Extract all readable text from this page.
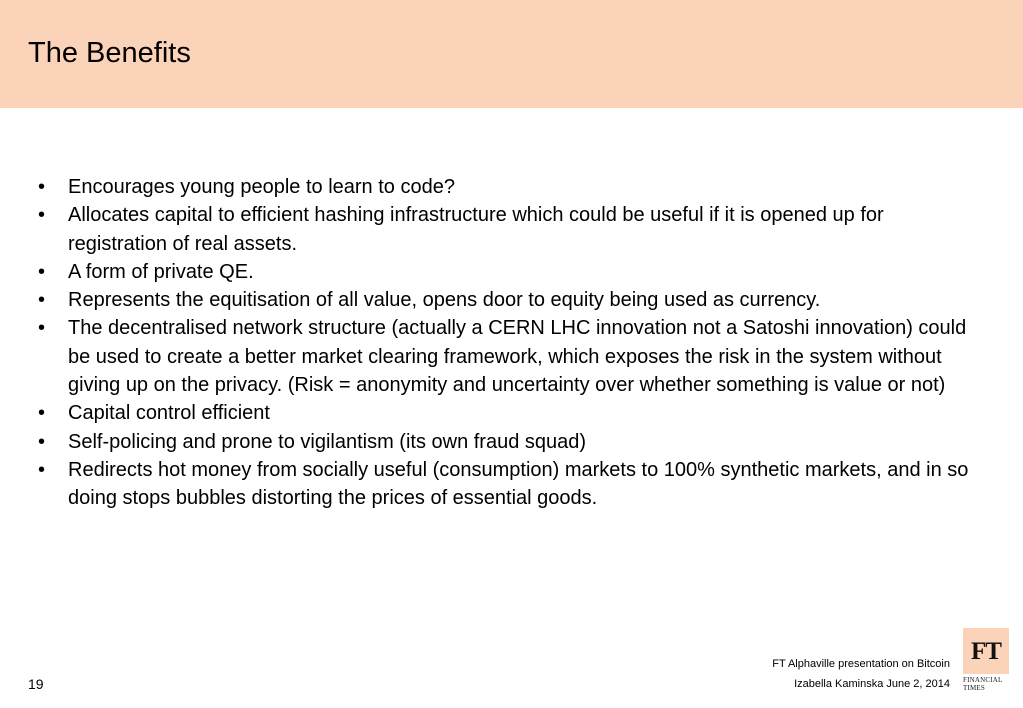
The Benefits
• Encourages young people to learn to code?
• Allocates capital to efficient hashing infrastructure which could be useful if it is opened up for registration of real assets.
• A form of private QE.
• Represents the equitisation of all value, opens door to equity being used as currency.
• The decentralised network structure (actually a CERN LHC innovation not a Satoshi innovation) could be used to create a better market clearing framework, which exposes the risk in the system without giving up on the privacy. (Risk = anonymity and uncertainty over whether something is value or not)
• Capital control efficient
• Self-policing and prone to vigilantism (its own fraud squad)
• Redirects hot money from socially useful (consumption) markets to 100% synthetic markets, and in so doing stops bubbles distorting the prices of essential goods.
19
FT Alphaville presentation on Bitcoin
Izabella Kaminska June 2, 2014
FT
FINANCIAL
TIMES
